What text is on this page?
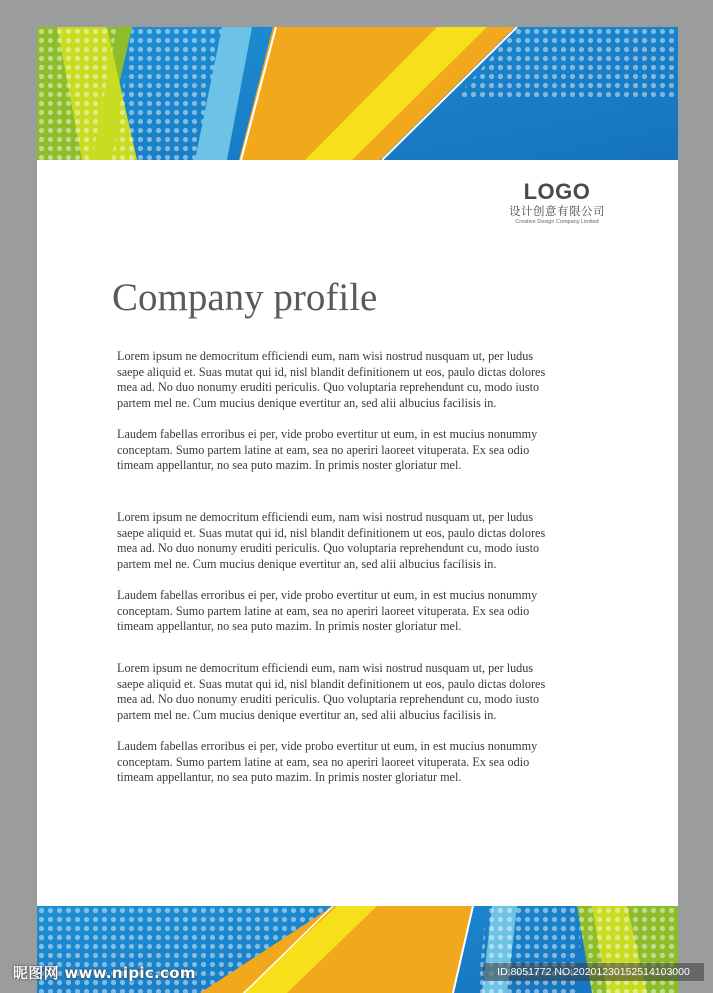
LOGO
设计创意有限公司
Creative Design Company Limited
Company profile

Lorem ipsum ne democritum efficiendi eum, nam wisi nostrud nusquam ut, per ludus
saepe aliquid et. Suas mutat qui id, nisl blandit definitionem ut eos, paulo dictas dolores
mea ad. No duo nonumy eruditi periculis. Quo voluptaria reprehendunt cu, modo iusto
partem mel ne. Cum mucius denique evertitur an, sed alii albucius facilisis in.

Laudem fabellas erroribus ei per, vide probo evertitur ut eum, in est mucius nonummy
conceptam. Sumo partem latine at eam, sea no aperiri laoreet vituperata. Ex sea odio
timeam appellantur, no sea puto mazim. In primis noster gloriatur mel.

Lorem ipsum ne democritum efficiendi eum, nam wisi nostrud nusquam ut, per ludus
saepe aliquid et. Suas mutat qui id, nisl blandit definitionem ut eos, paulo dictas dolores
mea ad. No duo nonumy eruditi periculis. Quo voluptaria reprehendunt cu, modo iusto
partem mel ne. Cum mucius denique evertitur an, sed alii albucius facilisis in.

Laudem fabellas erroribus ei per, vide probo evertitur ut eum, in est mucius nonummy
conceptam. Sumo partem latine at eam, sea no aperiri laoreet vituperata. Ex sea odio
timeam appellantur, no sea puto mazim. In primis noster gloriatur mel.

Lorem ipsum ne democritum efficiendi eum, nam wisi nostrud nusquam ut, per ludus
saepe aliquid et. Suas mutat qui id, nisl blandit definitionem ut eos, paulo dictas dolores
mea ad. No duo nonumy eruditi periculis. Quo voluptaria reprehendunt cu, modo iusto
partem mel ne. Cum mucius denique evertitur an, sed alii albucius facilisis in.

Laudem fabellas erroribus ei per, vide probo evertitur ut eum, in est mucius nonummy
conceptam. Sumo partem latine at eam, sea no aperiri laoreet vituperata. Ex sea odio
timeam appellantur, no sea puto mazim. In primis noster gloriatur mel.

昵图网 www.nipic.com	ID:8051772 NO:20201230152514103000
